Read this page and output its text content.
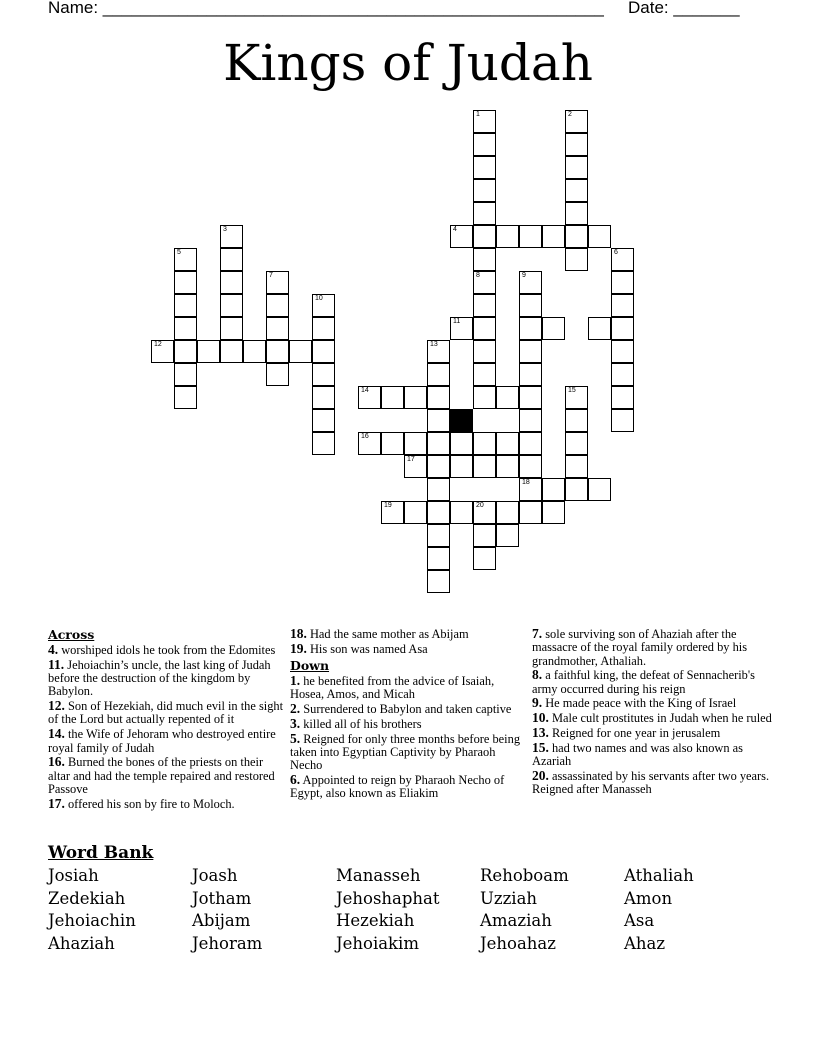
Name: _____________________________________________________ Date: _______
Kings of Judah
1
8
2
4
6
11
3
5
7
10
12	13
9
18
14	15
16
17
19	20
Across
4. worshiped idols he took from the Edomites
11. Jehoiachin’s uncle, the last king of Judah before the destruction of the kingdom by Babylon.
12. Son of Hezekiah, did much evil in the sight of the Lord but actually repented of it
14. the Wife of Jehoram who destroyed entire royal family of Judah
16. Burned the bones of the priests on their altar and had the temple repaired and restored Passove
17. offered his son by fire to Moloch.
18. Had the same mother as Abijam
19. His son was named Asa
Down
1. he benefited from the advice of Isaiah, Hosea, Amos, and Micah
2. Surrendered to Babylon and taken captive
3. killed all of his brothers
5. Reigned for only three months before being taken into Egyptian Captivity by Pharaoh Necho
6. Appointed to reign by Pharaoh Necho of Egypt, also known as Eliakim
7. sole surviving son of Ahaziah after the massacre of the royal family ordered by his grandmother, Athaliah.
8. a faithful king, the defeat of Sennacherib's army occurred during his reign
9. He made peace with the King of Israel
10. Male cult prostitutes in Judah when he ruled
13. Reigned for one year in jerusalem
15. had two names and was also known as Azariah
20. assassinated by his servants after two years. Reigned after Manasseh
Word Bank
Josiah	Joash	Manasseh	Rehoboam	Athaliah
Zedekiah	Jotham	Jehoshaphat	Uzziah	Amon
Jehoiachin	Abijam	Hezekiah	Amaziah	Asa
Ahaziah	Jehoram	Jehoiakim	Jehoahaz	Ahaz
